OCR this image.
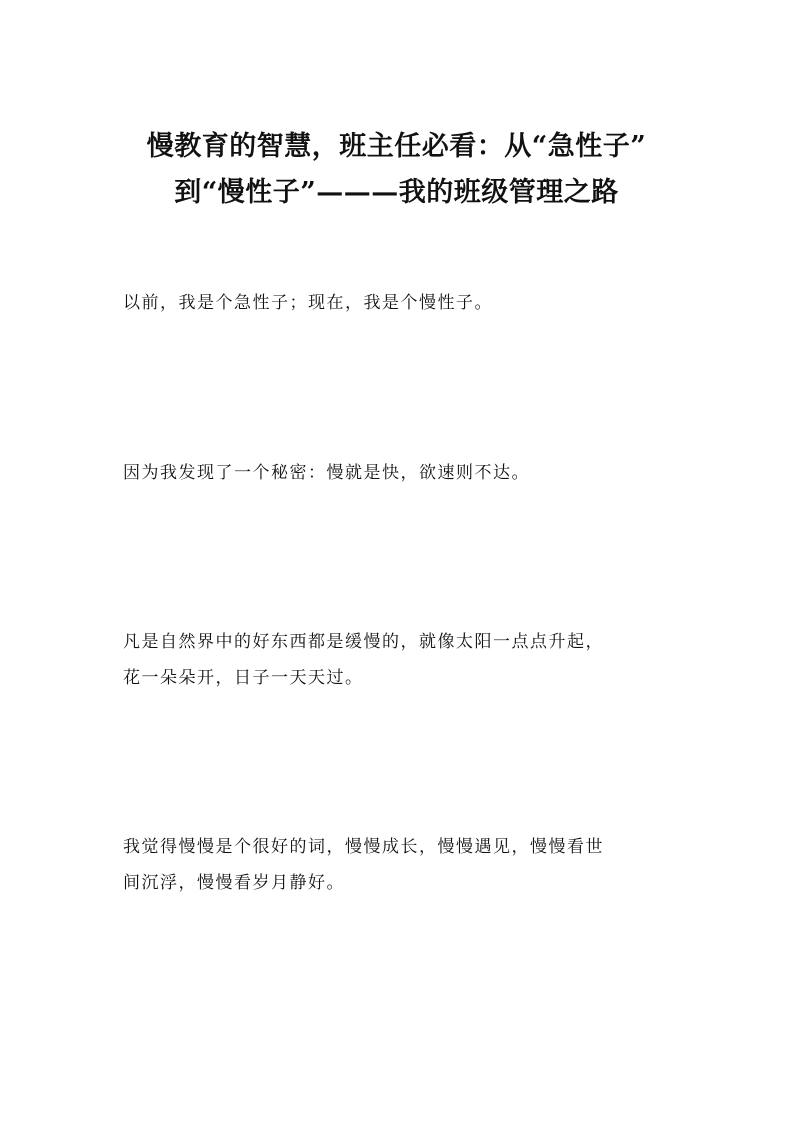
慢教育的智慧，班主任必看：从“急性子”
到“慢性子”———我的班级管理之路

以前，我是个急性子；现在，我是个慢性子。

因为我发现了一个秘密：慢就是快，欲速则不达。

凡是自然界中的好东西都是缓慢的，就像太阳一点点升起，
花一朵朵开，日子一天天过。

我觉得慢慢是个很好的词，慢慢成长，慢慢遇见，慢慢看世
间沉浮，慢慢看岁月静好。
